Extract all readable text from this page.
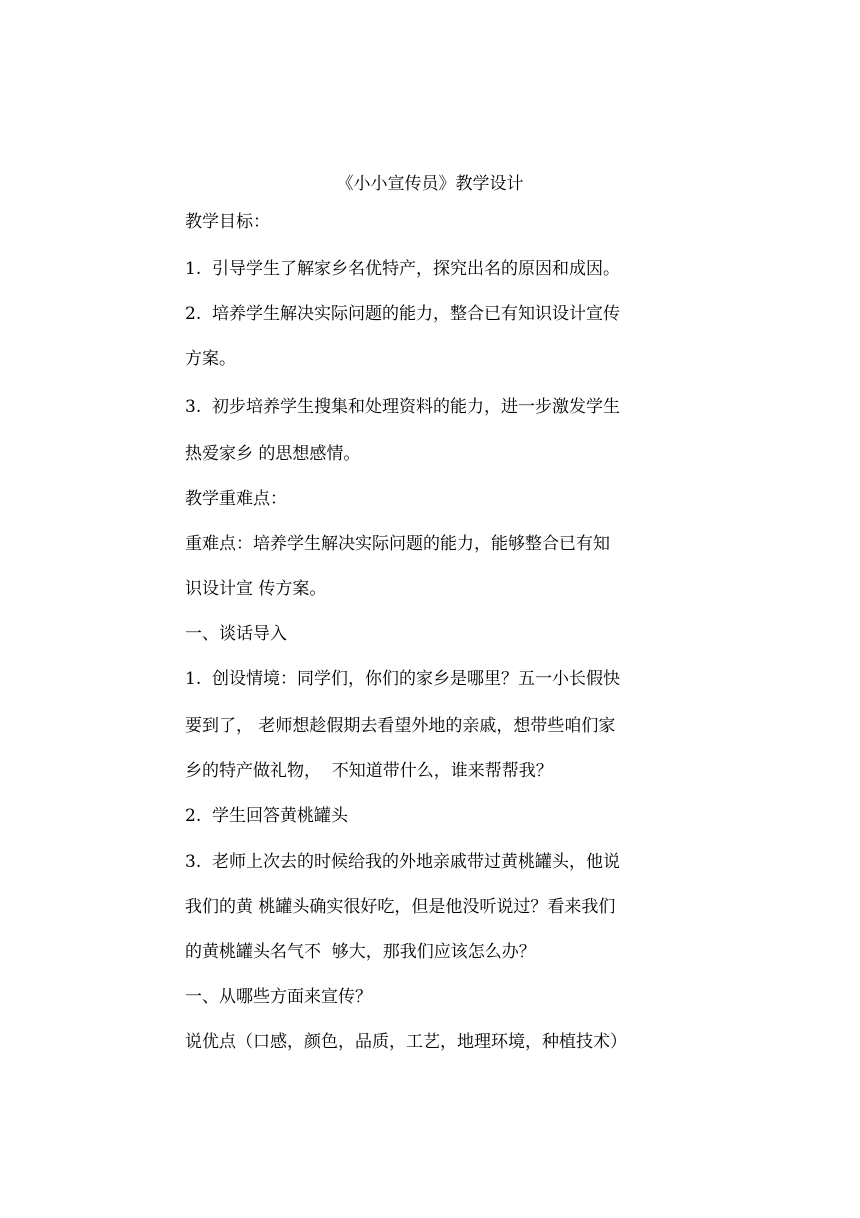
《小小宣传员》教学设计
教学目标：
1.  引导学生了解家乡名优特产，探究出名的原因和成因。
2.  培养学生解决实际问题的能力，整合已有知识设计宣传
方案。
3.  初步培养学生搜集和处理资料的能力，进一步激发学生
热爱家乡 的思想感情。
教学重难点：
重难点：培养学生解决实际问题的能力，能够整合已有知
识设计宣 传方案。
一、谈话导入
1.  创设情境：同学们，你们的家乡是哪里？五一小长假快
要到了， 老师想趁假期去看望外地的亲戚，想带些咱们家
乡的特产做礼物，  不知道带什么，谁来帮帮我？
2.  学生回答黄桃罐头
3.  老师上次去的时候给我的外地亲戚带过黄桃罐头，他说
我们的黄 桃罐头确实很好吃，但是他没听说过？看来我们
的黄桃罐头名气不  够大，那我们应该怎么办？
一、从哪些方面来宣传？
说优点（口感，颜色，品质，工艺，地理环境，种植技术）
